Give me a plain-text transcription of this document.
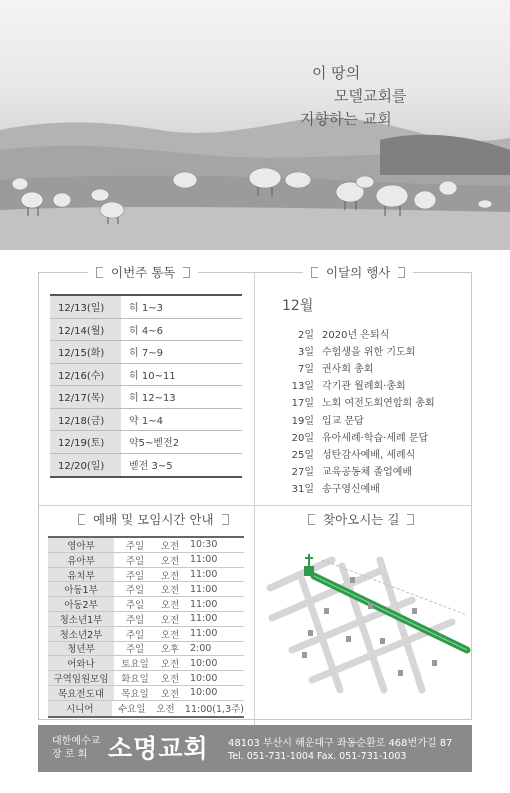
이 땅의
모델교회를
지향하는 교회
이번주 통독	이달의 행사
예배 및 모임시간 안내	찾아오시는 길
12/13(일)	히 1~3
12/14(월)	히 4~6
12/15(화)	히 7~9
12/16(수)	히 10~11
12/17(목)	히 12~13
12/18(금)	약 1~4
12/19(토)	약5~벧전2
12/20(일)	벧전 3~5
12월
2일 2020년 은퇴식
3일 수험생을 위한 기도회
7일 권사회 총회
13일 각기관 월례회·총회
17일 노회 여전도회연합회 총회
19일 입교 문답
20일 유아세례·학습·세례 문답
25일 성탄감사예배, 세례식
27일 교육공동체 졸업예배
31일 송구영신예배
영아부	주일	오전	10:30
유아부	주일	오전	11:00
유치부	주일	오전	11:00
아동1부	주일	오전	11:00
아동2부	주일	오전	11:00
청소년1부	주일	오전	11:00
청소년2부	주일	오전	11:00
청년부	주일	오후	2:00
어와나	토요일	오전	10:00
구역임원모임	화요일	오전	10:00
목요전도대	목요일	오전	10:00
시니어	수요일	오전	11:00(1,3주)
대한예수교
장 로 회 소명교회 48103 부산시 해운대구 좌동순환로 468번가길 87
Tel. 051-731-1004 Fax. 051-731-1003
